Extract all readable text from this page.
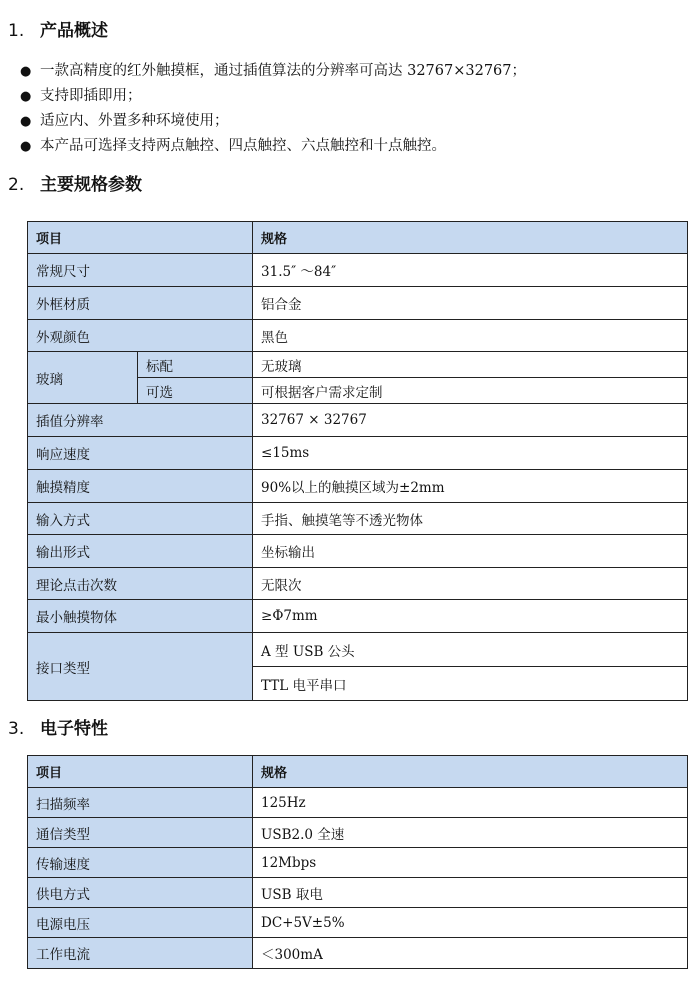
1. 产品概述
● 一款高精度的红外触摸框，通过插值算法的分辨率可高达 32767×32767；
● 支持即插即用；
● 适应内、外置多种环境使用；
● 本产品可选择支持两点触控、四点触控、六点触控和十点触控。
2. 主要规格参数
项目		规格
常规尺寸		31.5″ ～84″
外框材质		铝合金
外观颜色		黑色
玻璃	标配	无玻璃
	可选	可根据客户需求定制
插值分辨率		32767 × 32767
响应速度		≤15ms
触摸精度		90%以上的触摸区域为±2mm
输入方式		手指、触摸笔等不透光物体
输出形式		坐标输出
理论点击次数		无限次
最小触摸物体		≥Φ7mm
接口类型		A 型 USB 公头
		TTL 电平串口
3. 电子特性
项目	规格
扫描频率	125Hz
通信类型	USB2.0 全速
传输速度	12Mbps
供电方式	USB 取电
电源电压	DC+5V±5%
工作电流	＜300mA
